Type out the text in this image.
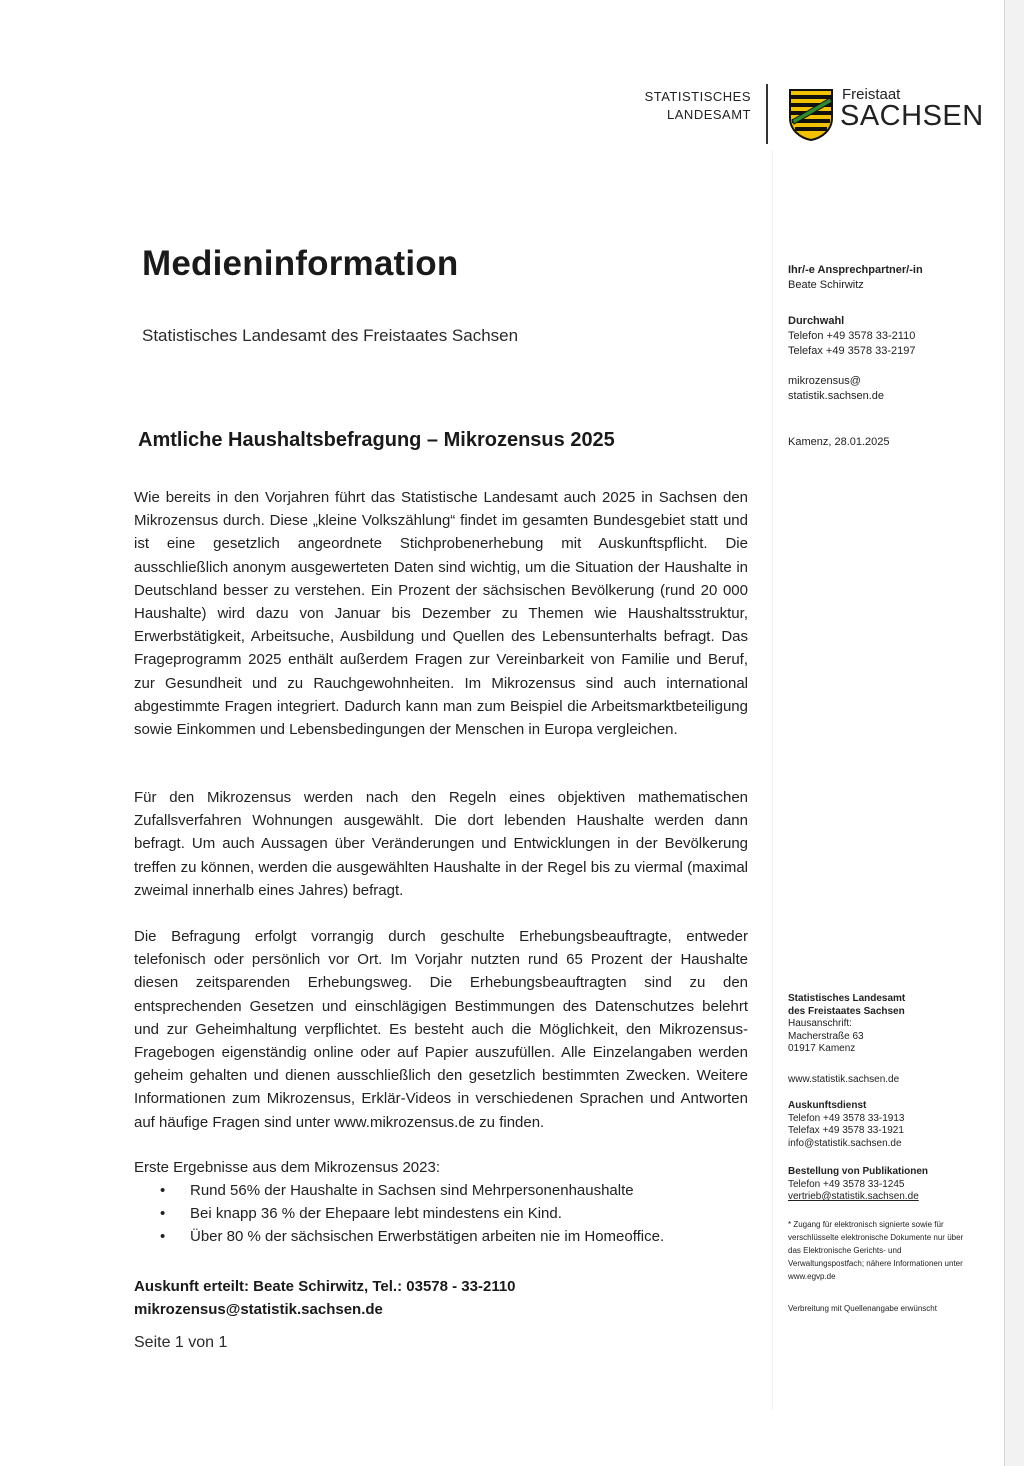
STATISTISCHES
LANDESAMT
Freistaat
SACHSEN
Medieninformation
Statistisches Landesamt des Freistaates Sachsen
Amtliche Haushaltsbefragung – Mikrozensus 2025
Wie bereits in den Vorjahren führt das Statistische Landesamt auch 2025 in Sachsen den Mikrozensus durch. Diese „kleine Volkszählung“ findet im gesamten Bundesgebiet statt und ist eine gesetzlich angeordnete Stichprobenerhebung mit Auskunftspflicht. Die ausschließlich anonym ausgewerteten Daten sind wichtig, um die Situation der Haushalte in Deutschland besser zu verstehen. Ein Prozent der sächsischen Bevölkerung (rund 20 000 Haushalte) wird dazu von Januar bis Dezember zu Themen wie Haushaltsstruktur, Erwerbstätigkeit, Arbeitsuche, Ausbildung und Quellen des Lebensunterhalts befragt. Das Frageprogramm 2025 enthält außerdem Fragen zur Vereinbarkeit von Familie und Beruf, zur Gesundheit und zu Rauchgewohnheiten. Im Mikrozensus sind auch international abgestimmte Fragen integriert. Dadurch kann man zum Beispiel die Arbeitsmarktbeteiligung sowie Einkommen und Lebensbedingungen der Menschen in Europa vergleichen.
Für den Mikrozensus werden nach den Regeln eines objektiven mathematischen Zufallsverfahren Wohnungen ausgewählt. Die dort lebenden Haushalte werden dann befragt. Um auch Aussagen über Veränderungen und Entwicklungen in der Bevölkerung treffen zu können, werden die ausgewählten Haushalte in der Regel bis zu viermal (maximal zweimal innerhalb eines Jahres) befragt.
Die Befragung erfolgt vorrangig durch geschulte Erhebungsbeauftragte, entweder telefonisch oder persönlich vor Ort. Im Vorjahr nutzten rund 65 Prozent der Haushalte diesen zeitsparenden Erhebungsweg. Die Erhebungsbeauftragten sind zu den entsprechenden Gesetzen und einschlägigen Bestimmungen des Datenschutzes belehrt und zur Geheimhaltung verpflichtet. Es besteht auch die Möglichkeit, den Mikrozensus-Fragebogen eigenständig online oder auf Papier auszufüllen. Alle Einzelangaben werden geheim gehalten und dienen ausschließlich den gesetzlich bestimmten Zwecken. Weitere Informationen zum Mikrozensus, Erklär-Videos in verschiedenen Sprachen und Antworten auf häufige Fragen sind unter www.mikrozensus.de zu finden.
Erste Ergebnisse aus dem Mikrozensus 2023:
• Rund 56% der Haushalte in Sachsen sind Mehrpersonenhaushalte
• Bei knapp 36 % der Ehepaare lebt mindestens ein Kind.
• Über 80 % der sächsischen Erwerbstätigen arbeiten nie im Homeoffice.
Auskunft erteilt: Beate Schirwitz, Tel.: 03578 - 33-2110
mikrozensus@statistik.sachsen.de
Seite 1 von 1
Ihr/-e Ansprechpartner/-in
Beate Schirwitz
Durchwahl
Telefon +49 3578 33-2110
Telefax +49 3578 33-2197
mikrozensus@
statistik.sachsen.de
Kamenz, 28.01.2025
Statistisches Landesamt
des Freistaates Sachsen
Hausanschrift:
Macherstraße 63
01917 Kamenz
www.statistik.sachsen.de
Auskunftsdienst
Telefon +49 3578 33-1913
Telefax +49 3578 33-1921
info@statistik.sachsen.de
Bestellung von Publikationen
Telefon +49 3578 33-1245
vertrieb@statistik.sachsen.de
* Zugang für elektronisch signierte sowie für verschlüsselte elektronische Dokumente nur über das Elektronische Gerichts- und Verwaltungspostfach; nähere Informationen unter www.egvp.de
Verbreitung mit Quellenangabe erwünscht
